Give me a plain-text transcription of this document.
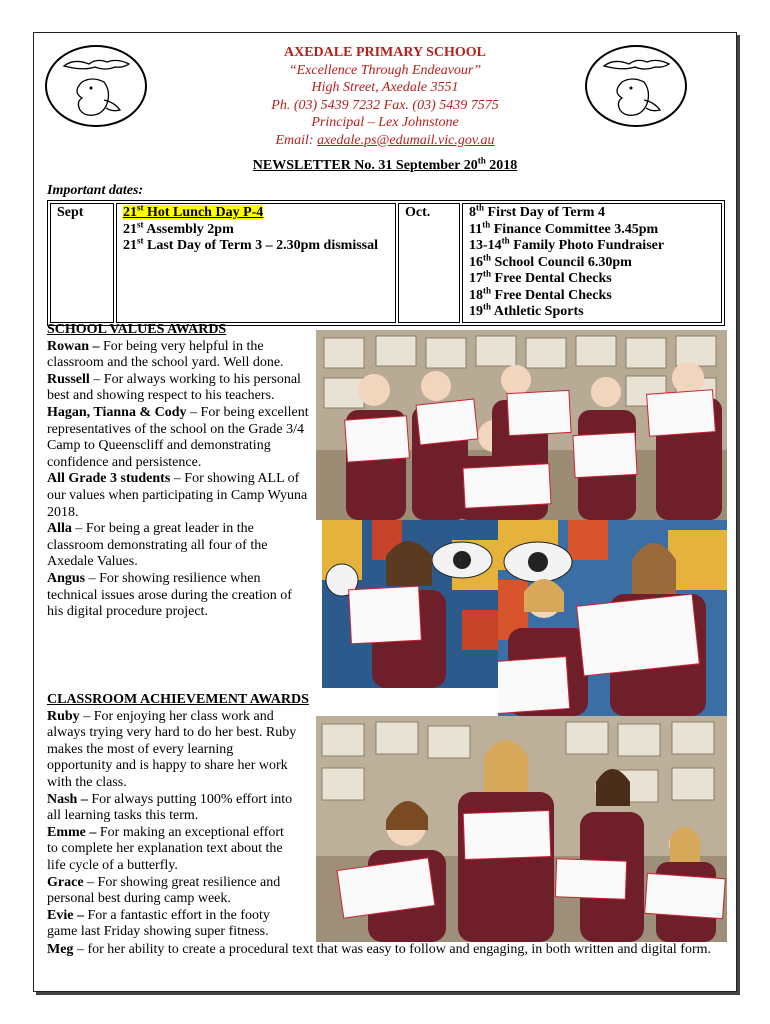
AXEDALE PRIMARY SCHOOL
“Excellence Through Endeavour”
High Street, Axedale 3551
Ph. (03) 5439 7232 Fax. (03) 5439 7575
Principal – Lex Johnstone
Email: axedale.ps@edumail.vic.gov.au
NEWSLETTER No. 31 September 20th 2018
Important dates:
Sept	21st Hot Lunch Day P-4
21st Assembly 2pm
21st Last Day of Term 3 – 2.30pm dismissal
	Oct.	8th First Day of Term 4
11th Finance Committee 3.45pm
13-14th Family Photo Fundraiser
16th School Council 6.30pm
17th Free Dental Checks
18th Free Dental Checks
19th Athletic Sports
SCHOOL VALUES AWARDS

Rowan – For being very helpful in the classroom and the school yard. Well done.

Russell – For always working to his personal best and showing respect to his teachers.

Hagan, Tianna & Cody – For being excellent representatives of the school on the Grade 3/4 Camp to Queenscliff and demonstrating confidence and persistence.

All Grade 3 students – For showing ALL of our values when participating in Camp Wyuna 2018.

Alla – For being a great leader in the classroom demonstrating all four of the Axedale Values.

Angus – For showing resilience when technical issues arose during the creation of his digital procedure project.

CLASSROOM ACHIEVEMENT AWARDS

Ruby – For enjoying her class work and always trying very hard to do her best. Ruby makes the most of every learning opportunity and is happy to share her work with the class.

Nash – For always putting 100% effort into all learning tasks this term.

Emme – For making an exceptional effort to complete her explanation text about the life cycle of a butterfly.

Grace – For showing great resilience and personal best during camp week.

Evie – For a fantastic effort in the footy game last Friday showing super fitness.

Meg – for her ability to create a procedural text that was easy to follow and engaging, in both written and digital form.
